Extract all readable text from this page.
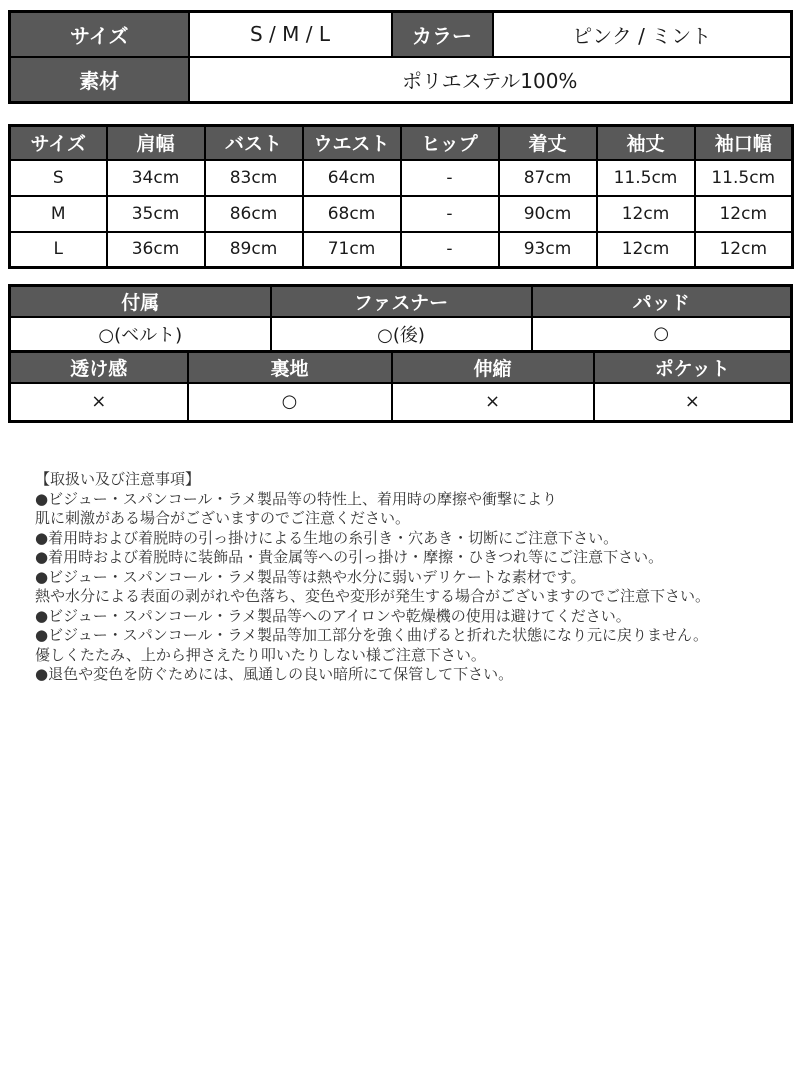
サイズ	S / M / L	カラー	ピンク / ミント
素材	ポリエステル100%		
サイズ	肩幅	バスト	ウエスト	ヒップ	着丈	袖丈	袖口幅
S	34cm	83cm	64cm	-	87cm	11.5cm	11.5cm
M	35cm	86cm	68cm	-	90cm	12cm	12cm
L	36cm	89cm	71cm	-	93cm	12cm	12cm
付属	ファスナー	パッド
○(ベルト)	○(後)	○
透け感	裏地	伸縮	ポケット
×	○	×	×
【取扱い及び注意事項】
●ビジュー・スパンコール・ラメ製品等の特性上、着用時の摩擦や衝撃により
肌に刺激がある場合がございますのでご注意ください。
●着用時および着脱時の引っ掛けによる生地の糸引き・穴あき・切断にご注意下さい。
●着用時および着脱時に装飾品・貴金属等への引っ掛け・摩擦・ひきつれ等にご注意下さい。
●ビジュー・スパンコール・ラメ製品等は熱や水分に弱いデリケートな素材です。
熱や水分による表面の剥がれや色落ち、変色や変形が発生する場合がございますのでご注意下さい。
●ビジュー・スパンコール・ラメ製品等へのアイロンや乾燥機の使用は避けてください。
●ビジュー・スパンコール・ラメ製品等加工部分を強く曲げると折れた状態になり元に戻りません。
優しくたたみ、上から押さえたり叩いたりしない様ご注意下さい。
●退色や変色を防ぐためには、風通しの良い暗所にて保管して下さい。
